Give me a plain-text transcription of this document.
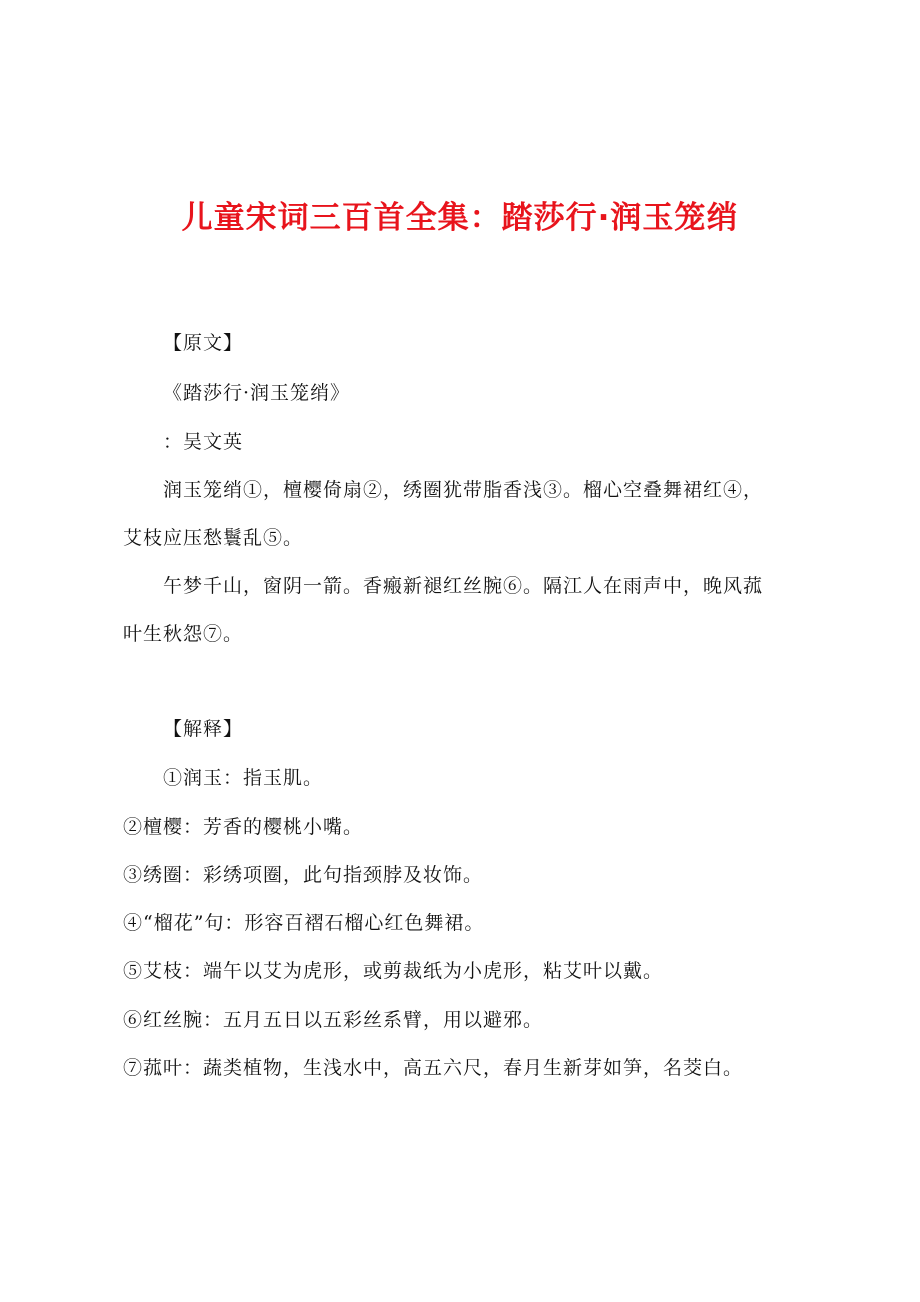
儿童宋词三百首全集：踏莎行·润玉笼绡
【原文】
《踏莎行·润玉笼绡》
：吴文英
润玉笼绡①，檀樱倚扇②，绣圈犹带脂香浅③。榴心空叠舞裙红④，
艾枝应压愁鬟乱⑤。
午梦千山，窗阴一箭。香瘢新褪红丝腕⑥。隔江人在雨声中，晚风菰
叶生秋怨⑦。
【解释】
①润玉：指玉肌。
②檀樱：芳香的樱桃小嘴。
③绣圈：彩绣项圈，此句指颈脖及妆饰。
④“榴花”句：形容百褶石榴心红色舞裙。
⑤艾枝：端午以艾为虎形，或剪裁纸为小虎形，粘艾叶以戴。
⑥红丝腕：五月五日以五彩丝系臂，用以避邪。
⑦菰叶：蔬类植物，生浅水中，高五六尺，春月生新芽如笋，名茭白。
